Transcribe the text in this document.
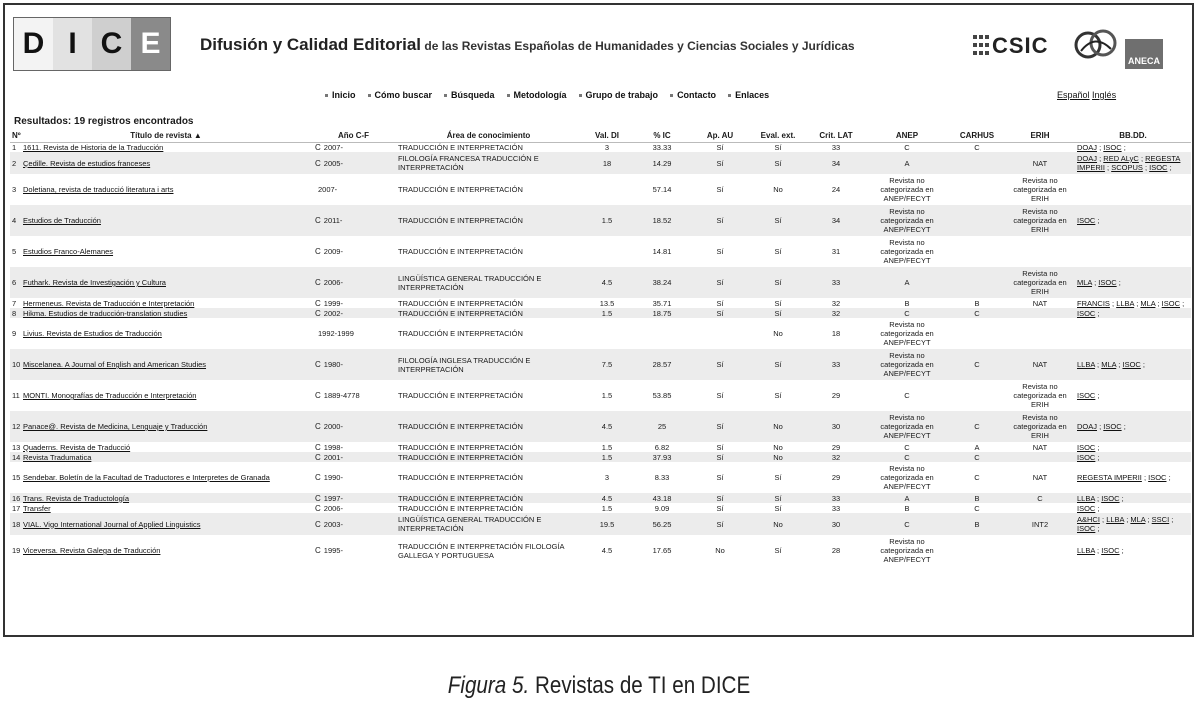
D I C E	Difusión y Calidad Editorial de las Revistas Españolas de Humanidades y Ciencias Sociales y Jurídicas	CSIC
ANECA
Inicio Cómo buscar Búsqueda Metodología Grupo de trabajo Contacto Enlaces	Español Inglés
Resultados: 19 registros encontrados
Nº	Título de revista ▲	Año C-F	Área de conocimiento	Val. DI	% IC	Ap. AU	Eval. ext.	Crit. LAT	ANEP	CARHUS	ERIH	BB.DD.
1	1611. Revista de Historia de la Traducción	C 2007-	TRADUCCIÓN E INTERPRETACIÓN	3	33.33	Sí	Sí	33	C	C		DOAJ ; ISOC ;
2	Çedille. Revista de estudios franceses	C 2005-	FILOLOGÍA FRANCESA TRADUCCIÓN E INTERPRETACIÓN	18	14.29	Sí	Sí	34	A		NAT	DOAJ ; RED ALyC ; REGESTA IMPERII ; SCOPUS ; ISOC ;
3	Doletiana, revista de traducció literatura i arts	2007-	TRADUCCIÓN E INTERPRETACIÓN		57.14	Sí	No	24	Revista no categorizada en ANEP/FECYT		Revista no categorizada en ERIH	
4	Estudios de Traducción	C 2011-	TRADUCCIÓN E INTERPRETACIÓN	1.5	18.52	Sí	Sí	34	Revista no categorizada en ANEP/FECYT		Revista no categorizada en ERIH	ISOC ;
5	Estudios Franco-Alemanes	C 2009-	TRADUCCIÓN E INTERPRETACIÓN		14.81	Sí	Sí	31	Revista no categorizada en ANEP/FECYT			
6	Futhark. Revista de Investigación y Cultura	C 2006-	LINGÜÍSTICA GENERAL TRADUCCIÓN E INTERPRETACIÓN	4.5	38.24	Sí	Sí	33	A		Revista no categorizada en ERIH	MLA ; ISOC ;
7	Hermeneus. Revista de Traducción e Interpretación	C 1999-	TRADUCCIÓN E INTERPRETACIÓN	13.5	35.71	Sí	Sí	32	B	B	NAT	FRANCIS ; LLBA ; MLA ; ISOC ;
8	Hikma. Estudios de traducción-translation studies	C 2002-	TRADUCCIÓN E INTERPRETACIÓN	1.5	18.75	Sí	Sí	32	C	C		ISOC ;
9	Livius. Revista de Estudios de Traducción	1992-1999	TRADUCCIÓN E INTERPRETACIÓN				No	18	Revista no categorizada en ANEP/FECYT			
10	Miscelanea. A Journal of English and American Studies	C 1980-	FILOLOGÍA INGLESA TRADUCCIÓN E INTERPRETACIÓN	7.5	28.57	Sí	Sí	33	Revista no categorizada en ANEP/FECYT	C	NAT	LLBA ; MLA ; ISOC ;
11	MONTI. Monografías de Traducción e Interpretación	C 1889-4778	TRADUCCIÓN E INTERPRETACIÓN	1.5	53.85	Sí	Sí	29	C		Revista no categorizada en ERIH	ISOC ;
12	Panace@. Revista de Medicina, Lenguaje y Traducción	C 2000-	TRADUCCIÓN E INTERPRETACIÓN	4.5	25	Sí	No	30	Revista no categorizada en ANEP/FECYT	C	Revista no categorizada en ERIH	DOAJ ; ISOC ;
13	Quaderns. Revista de Traducció	C 1998-	TRADUCCIÓN E INTERPRETACIÓN	1.5	6.82	Sí	No	29	C	A	NAT	ISOC ;
14	Revista Tradumatica	C 2001-	TRADUCCIÓN E INTERPRETACIÓN	1.5	37.93	Sí	No	32	C	C		ISOC ;
15	Sendebar. Boletín de la Facultad de Traductores e Interpretes de Granada	C 1990-	TRADUCCIÓN E INTERPRETACIÓN	3	8.33	Sí	Sí	29	Revista no categorizada en ANEP/FECYT	C	NAT	REGESTA IMPERII ; ISOC ;
16	Trans. Revista de Traductología	C 1997-	TRADUCCIÓN E INTERPRETACIÓN	4.5	43.18	Sí	Sí	33	A	B	C	LLBA ; ISOC ;
17	Transfer	C 2006-	TRADUCCIÓN E INTERPRETACIÓN	1.5	9.09	Sí	Sí	33	B	C		ISOC ;
18	VIAL. Vigo International Journal of Applied Linguistics	C 2003-	LINGÜÍSTICA GENERAL TRADUCCIÓN E INTERPRETACIÓN	19.5	56.25	Sí	No	30	C	B	INT2	A&HCI ; LLBA ; MLA ; SSCI ; ISOC ;
19	Viceversa. Revista Galega de Traducción	C 1995-	TRADUCCIÓN E INTERPRETACIÓN FILOLOGÍA GALLEGA Y PORTUGUESA	4.5	17.65	No	Sí	28	Revista no categorizada en ANEP/FECYT			LLBA ; ISOC ;
Figura 5. Revistas de TI en DICE
